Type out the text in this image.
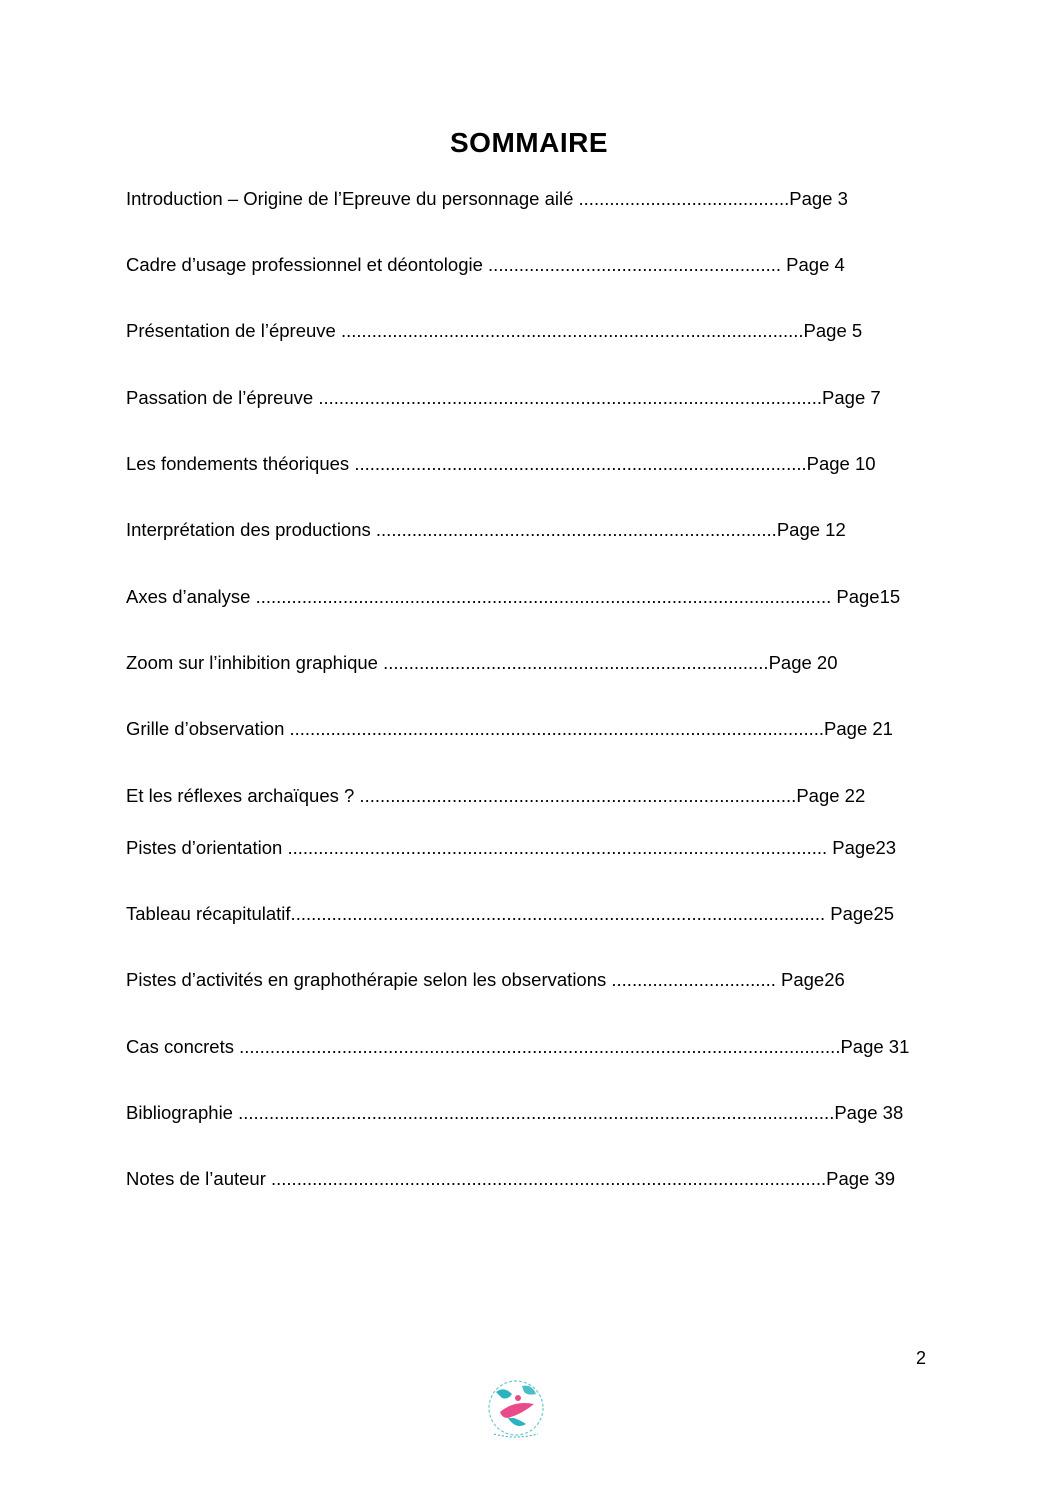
SOMMAIRE
Introduction – Origine de l’Epreuve du personnage ailé .........................................Page 3
Cadre d’usage professionnel et déontologie ......................................................... Page 4
Présentation de l’épreuve ..........................................................................................Page 5
Passation de l’épreuve ..................................................................................................Page 7
Les fondements théoriques ........................................................................................Page 10
Interprétation des productions ..............................................................................Page 12
Axes d’analyse ................................................................................................................ Page15
Zoom sur l’inhibition graphique ...........................................................................Page 20
Grille d’observation ........................................................................................................Page 21
Et les réflexes archaïques ? .....................................................................................Page 22
Pistes d’orientation ......................................................................................................... Page23
Tableau récapitulatif........................................................................................................ Page25
Pistes d’activités en graphothérapie selon les observations ................................ Page26
Cas concrets .....................................................................................................................Page 31
Bibliographie ....................................................................................................................Page 38
Notes de l’auteur ............................................................................................................Page 39
2
